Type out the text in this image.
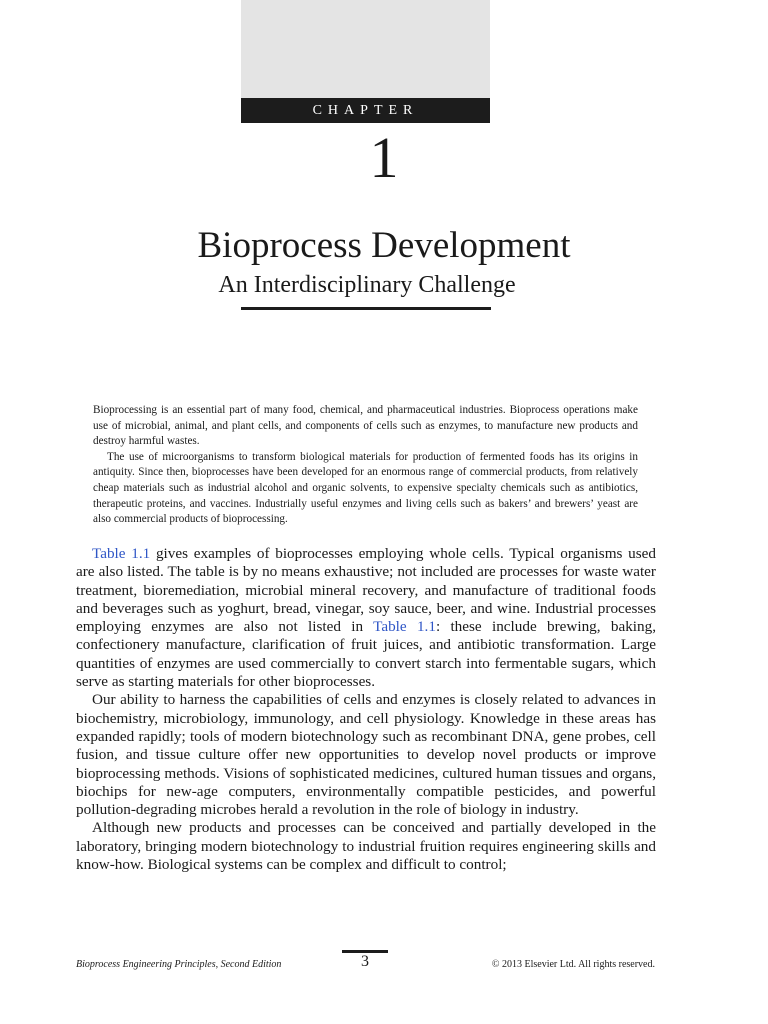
CHAPTER
1
Bioprocess Development
An Interdisciplinary Challenge

Bioprocessing is an essential part of many food, chemical, and pharmaceutical industries. Bioprocess operations make use of microbial, animal, and plant cells, and components of cells such as enzymes, to manufacture new products and destroy harmful wastes.

The use of microorganisms to transform biological materials for production of fermented foods has its origins in antiquity. Since then, bioprocesses have been developed for an enormous range of commercial products, from relatively cheap materials such as industrial alcohol and organic solvents, to expensive specialty chemicals such as antibiotics, therapeutic proteins, and vaccines. Industrially useful enzymes and living cells such as bakers’ and brewers’ yeast are also commercial products of bioprocessing.

Table 1.1 gives examples of bioprocesses employing whole cells. Typical organisms used are also listed. The table is by no means exhaustive; not included are processes for waste water treatment, bioremediation, microbial mineral recovery, and manufacture of traditional foods and beverages such as yoghurt, bread, vinegar, soy sauce, beer, and wine. Industrial processes employing enzymes are also not listed in Table 1.1: these include brewing, baking, confectionery manufacture, clarification of fruit juices, and antibiotic transformation. Large quantities of enzymes are used commercially to convert starch into fermentable sugars, which serve as starting materials for other bioprocesses.

Our ability to harness the capabilities of cells and enzymes is closely related to advances in biochemistry, microbiology, immunology, and cell physiology. Knowledge in these areas has expanded rapidly; tools of modern biotechnology such as recombinant DNA, gene probes, cell fusion, and tissue culture offer new opportunities to develop novel products or improve bioprocessing methods. Visions of sophisticated medicines, cultured human tissues and organs, biochips for new-age computers, environmentally compatible pesticides, and powerful pollution-degrading microbes herald a revolution in the role of biology in industry.

Although new products and processes can be conceived and partially developed in the laboratory, bringing modern biotechnology to industrial fruition requires engineering skills and know-how. Biological systems can be complex and difficult to control;

Bioprocess Engineering Principles, Second Edition	3	© 2013 Elsevier Ltd. All rights reserved.
